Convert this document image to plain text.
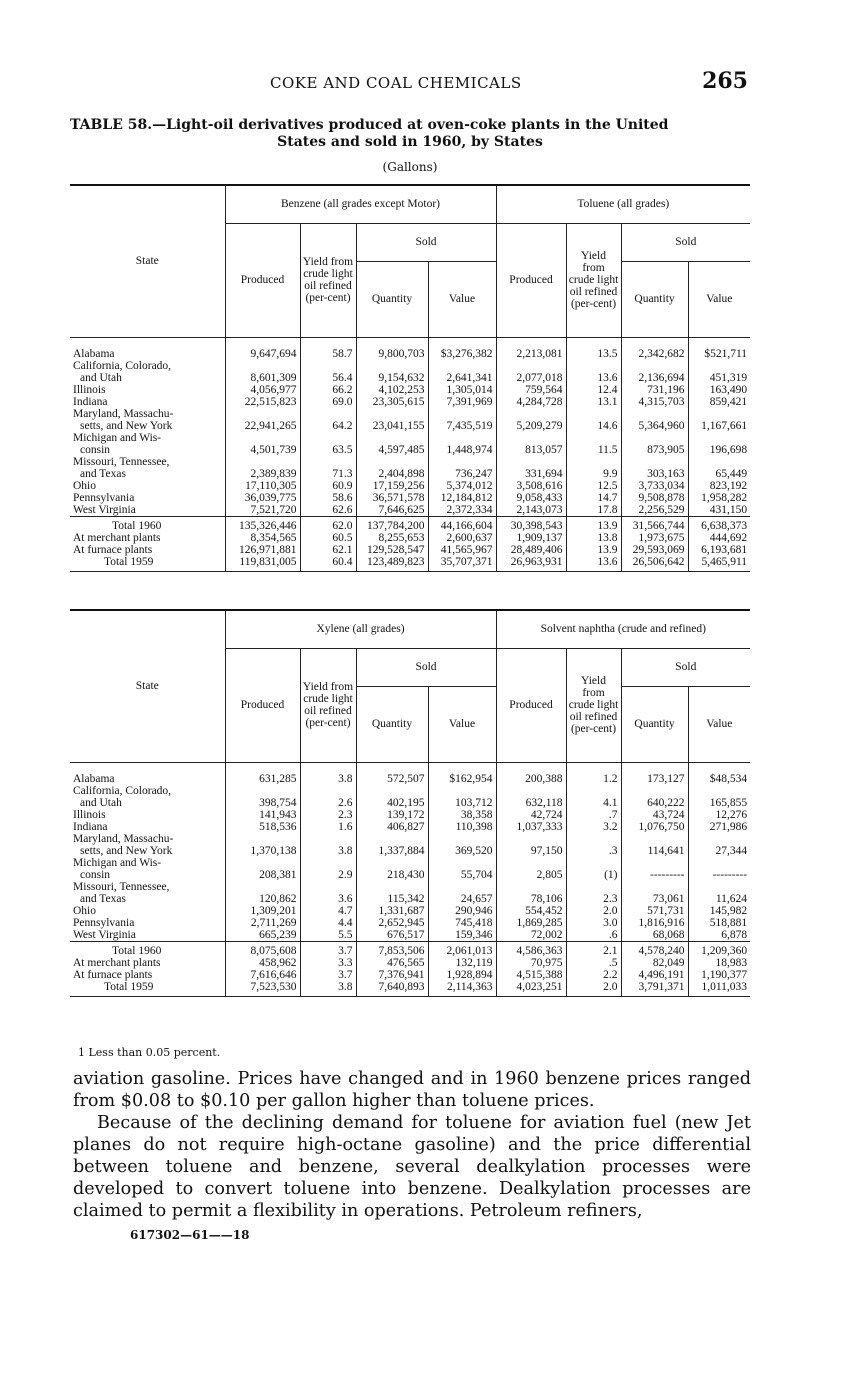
COKE AND COAL CHEMICALS	265
TABLE 58.—Light-oil derivatives produced at oven-coke plants in the United
States and sold in 1960, by States
(Gallons)
State	Benzene (all grades except Motor)				Toluene (all grades)			
	Produced	Yield from crude light oil refined (per-cent)	Sold		Produced	Yield from crude light oil refined (per-cent)	Sold	
			Quantity	Value			Quantity	Value
Alabama	9,647,694	58.7	9,800,703	$3,276,382	2,213,081	13.5	2,342,682	$521,711
California, Colorado,								
and Utah	8,601,309	56.4	9,154,632	2,641,341	2,077,018	13.6	2,136,694	451,319
Illinois	4,056,977	66.2	4,102,253	1,305,014	759,564	12.4	731,196	163,490
Indiana	22,515,823	69.0	23,305,615	7,391,969	4,284,728	13.1	4,315,703	859,421
Maryland, Massachu-								
setts, and New York	22,941,265	64.2	23,041,155	7,435,519	5,209,279	14.6	5,364,960	1,167,661
Michigan and Wis-								
consin	4,501,739	63.5	4,597,485	1,448,974	813,057	11.5	873,905	196,698
Missouri, Tennessee,								
and Texas	2,389,839	71.3	2,404,898	736,247	331,694	9.9	303,163	65,449
Ohio	17,110,305	60.9	17,159,256	5,374,012	3,508,616	12.5	3,733,034	823,192
Pennsylvania	36,039,775	58.6	36,571,578	12,184,812	9,058,433	14.7	9,508,878	1,958,282
West Virginia	7,521,720	62.6	7,646,625	2,372,334	2,143,073	17.8	2,256,529	431,150
Total 1960	135,326,446	62.0	137,784,200	44,166,604	30,398,543	13.9	31,566,744	6,638,373
At merchant plants	8,354,565	60.5	8,255,653	2,600,637	1,909,137	13.8	1,973,675	444,692
At furnace plants	126,971,881	62.1	129,528,547	41,565,967	28,489,406	13.9	29,593,069	6,193,681
Total 1959	119,831,005	60.4	123,489,823	35,707,371	26,963,931	13.6	26,506,642	5,465,911
State	Xylene (all grades)				Solvent naphtha (crude and refined)			
	Produced	Yield from crude light oil refined (per-cent)	Sold		Produced	Yield from crude light oil refined (per-cent)	Sold	
			Quantity	Value			Quantity	Value
Alabama	631,285	3.8	572,507	$162,954	200,388	1.2	173,127	$48,534
California, Colorado,								
and Utah	398,754	2.6	402,195	103,712	632,118	4.1	640,222	165,855
Illinois	141,943	2.3	139,172	38,358	42,724	.7	43,724	12,276
Indiana	518,536	1.6	406,827	110,398	1,037,333	3.2	1,076,750	271,986
Maryland, Massachu-								
setts, and New York	1,370,138	3.8	1,337,884	369,520	97,150	.3	114,641	27,344
Michigan and Wis-								
consin	208,381	2.9	218,430	55,704	2,805	(1)	---------	---------
Missouri, Tennessee,								
and Texas	120,862	3.6	115,342	24,657	78,106	2.3	73,061	11,624
Ohio	1,309,201	4.7	1,331,687	290,946	554,452	2.0	571,731	145,982
Pennsylvania	2,711,269	4.4	2,652,945	745,418	1,869,285	3.0	1,816,916	518,881
West Virginia	665,239	5.5	676,517	159,346	72,002	.6	68,068	6,878
Total 1960	8,075,608	3.7	7,853,506	2,061,013	4,586,363	2.1	4,578,240	1,209,360
At merchant plants	458,962	3.3	476,565	132,119	70,975	.5	82,049	18,983
At furnace plants	7,616,646	3.7	7,376,941	1,928,894	4,515,388	2.2	4,496,191	1,190,377
Total 1959	7,523,530	3.8	7,640,893	2,114,363	4,023,251	2.0	3,791,371	1,011,033
1 Less than 0.05 percent.

aviation gasoline. Prices have changed and in 1960 benzene prices ranged from $0.08 to $0.10 per gallon higher than toluene prices.

Because of the declining demand for toluene for aviation fuel (new Jet planes do not require high-octane gasoline) and the price differential between toluene and benzene, several dealkylation processes were developed to convert toluene into benzene. Dealkylation processes are claimed to permit a flexibility in operations. Petroleum refiners,

617302—61——18
